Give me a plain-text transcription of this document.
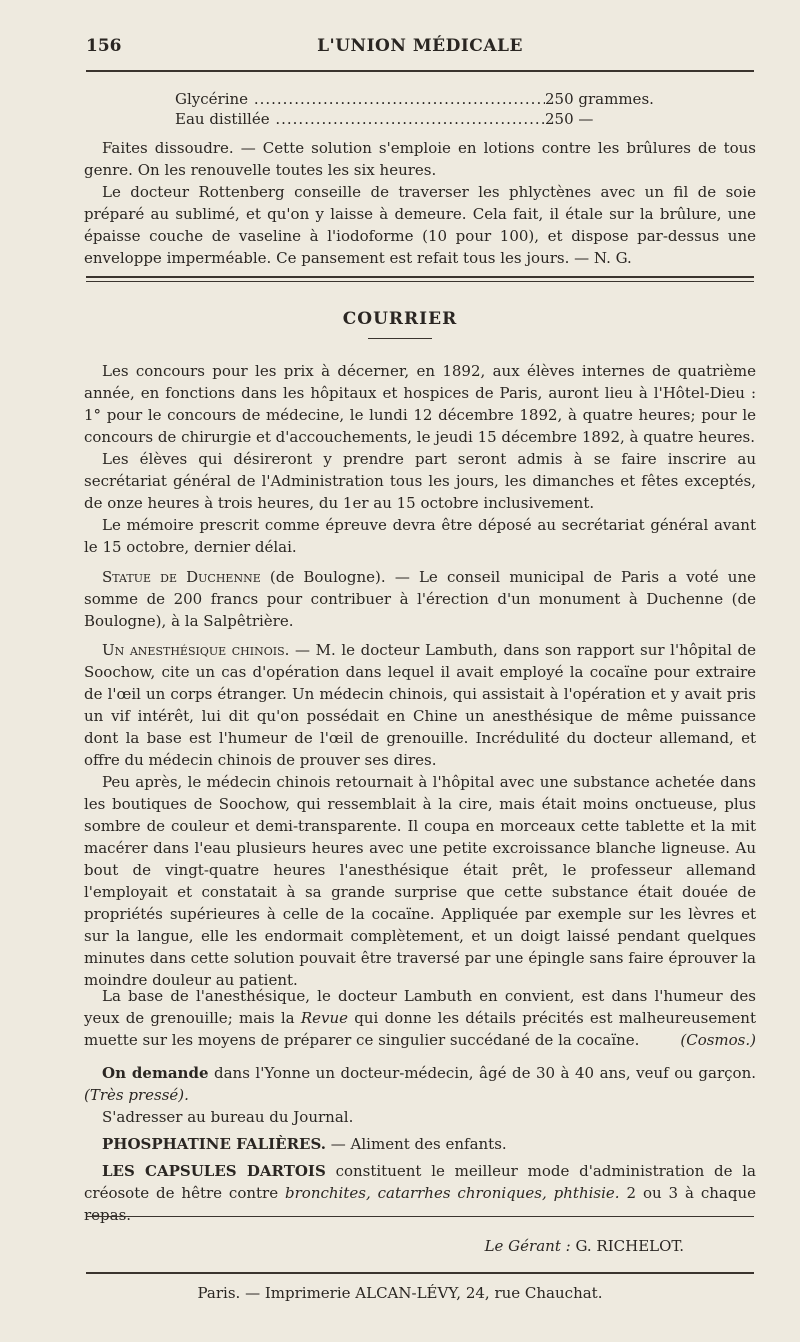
156	L'UNION MÉDICALE
Glycérine .....	250 grammes.
Eau distillée .....	250 —

Faites dissoudre. — Cette solution s'emploie en lotions contre les brûlures de tous genre. On les renouvelle toutes les six heures.

Le docteur Rottenberg conseille de traverser les phlyctènes avec un fil de soie préparé au sublimé, et qu'on y laisse à demeure. Cela fait, il étale sur la brûlure, une épaisse couche de vaseline à l'iodoforme (10 pour 100), et dispose par-dessus une enveloppe imperméable. Ce pansement est refait tous les jours. — N. G.

COURRIER

Les concours pour les prix à décerner, en 1892, aux élèves internes de quatrième année, en fonctions dans les hôpitaux et hospices de Paris, auront lieu à l'Hôtel-Dieu : 1° pour le concours de médecine, le lundi 12 décembre 1892, à quatre heures; pour le concours de chirurgie et d'accouchements, le jeudi 15 décembre 1892, à quatre heures.

Les élèves qui désireront y prendre part seront admis à se faire inscrire au secrétariat général de l'Administration tous les jours, les dimanches et fêtes exceptés, de onze heures à trois heures, du 1er au 15 octobre inclusivement.

Le mémoire prescrit comme épreuve devra être déposé au secrétariat général avant le 15 octobre, dernier délai.

Statue de Duchenne (de Boulogne). — Le conseil municipal de Paris a voté une somme de 200 francs pour contribuer à l'érection d'un monument à Duchenne (de Boulogne), à la Salpêtrière.

Un anesthésique chinois. — M. le docteur Lambuth, dans son rapport sur l'hôpital de Soochow, cite un cas d'opération dans lequel il avait employé la cocaïne pour extraire de l'œil un corps étranger. Un médecin chinois, qui assistait à l'opération et y avait pris un vif intérêt, lui dit qu'on possédait en Chine un anesthésique de même puissance dont la base est l'humeur de l'œil de grenouille. Incrédulité du docteur allemand, et offre du médecin chinois de prouver ses dires.

Peu après, le médecin chinois retournait à l'hôpital avec une substance achetée dans les boutiques de Soochow, qui ressemblait à la cire, mais était moins onctueuse, plus sombre de couleur et demi-transparente. Il coupa en morceaux cette tablette et la mit macérer dans l'eau plusieurs heures avec une petite excroissance blanche ligneuse. Au bout de vingt-quatre heures l'anesthésique était prêt, le professeur allemand l'employait et constatait à sa grande surprise que cette substance était douée de propriétés supérieures à celle de la cocaïne. Appliquée par exemple sur les lèvres et sur la langue, elle les endormait complètement, et un doigt laissé pendant quelques minutes dans cette solution pouvait être traversé par une épingle sans faire éprouver la moindre douleur au patient.

La base de l'anesthésique, le docteur Lambuth en convient, est dans l'humeur des yeux de grenouille; mais la Revue qui donne les détails précités est malheureusement muette sur les moyens de préparer ce singulier succédané de la cocaïne.	(Cosmos.)

On demande dans l'Yonne un docteur-médecin, âgé de 30 à 40 ans, veuf ou garçon. (Très pressé).

S'adresser au bureau du Journal.

PHOSPHATINE FALIÈRES. — Aliment des enfants.

LES CAPSULES DARTOIS constituent le meilleur mode d'administration de la créosote de hêtre contre bronchites, catarrhes chroniques, phthisie. 2 ou 3 à chaque repas.

Le Gérant : G. RICHELOT.
Paris. — Imprimerie ALCAN-LÉVY, 24, rue Chauchat.
